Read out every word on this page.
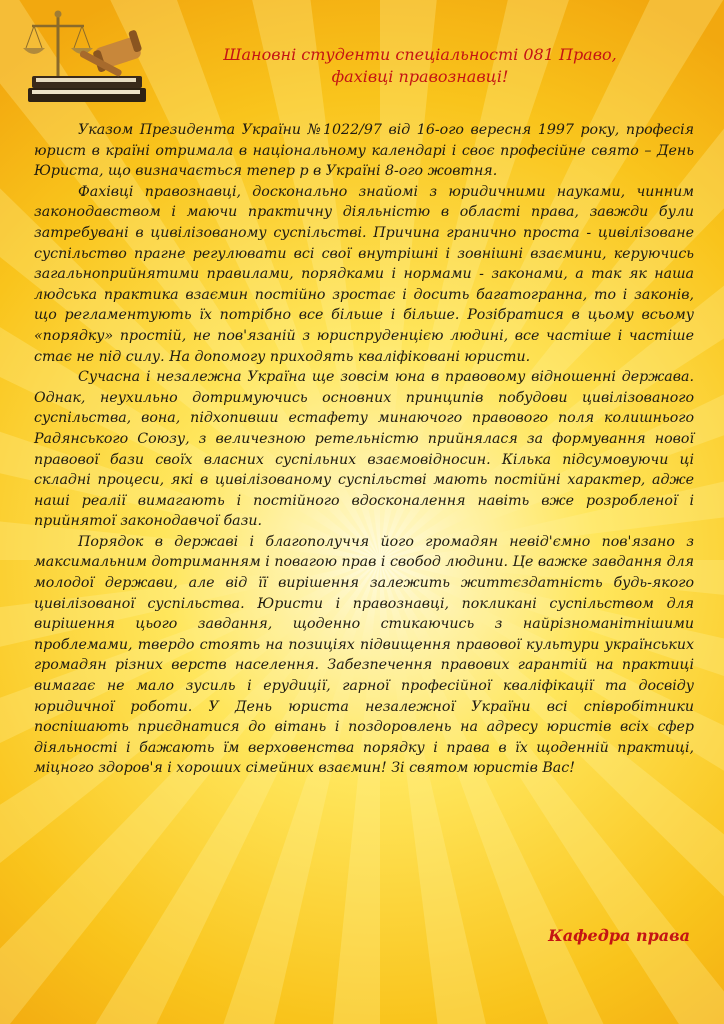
Шановні студенти спеціальності 081 Право,
фахівці правознавці!

Указом Президента України №1022/97 від 16-ого вересня 1997 року, професія юрист в країні отримала в національному календарі і своє професійне свято – День Юриста, що визначається тепер р в Україні 8-ого жовтня.

Фахівці правознавці, досконально знайомі з юридичними науками, чинним законодавством і маючи практичну діяльністю в області права, завжди були затребувані в цивілізованому суспільстві. Причина гранично проста - цивілізоване суспільство прагне регулювати всі свої внутрішні і зовнішні взаємини, керуючись загальноприйнятими правилами, порядками і нормами - законами, а так як наша людська практика взаємин постійно зростає і досить багатогранна, то і законів, що регламентують їх потрібно все більше і більше. Розібратися в цьому всьому «порядку» простій, не пов'язаній з юриспруденцією людині, все частіше і частіше стає не під силу. На допомогу приходять кваліфіковані юристи.

Сучасна і незалежна Україна ще зовсім юна в правовому відношенні держава. Однак, неухильно дотримуючись основних принципів побудови цивілізованого суспільства, вона, підхопивши естафету минаючого правового поля колишнього Радянського Союзу, з величезною ретельністю прийнялася за формування нової правової бази своїх власних суспільних взаємовідносин. Кілька підсумовуючи ці складні процеси, які в цивілізованому суспільстві мають постійні характер, адже наші реалії вимагають і постійного вдосконалення навіть вже розробленої і прийнятої законодавчої бази.

Порядок в державі і благополуччя його громадян невід'ємно пов'язано з максимальним дотриманням і повагою прав і свобод людини. Це важке завдання для молодої держави, але від її вирішення залежить життєздатність будь-якого цивілізованої суспільства. Юристи і правознавці, покликані суспільством для вирішення цього завдання, щоденно стикаючись з найрізноманітнішими проблемами, твердо стоять на позиціях підвищення правової культури українських громадян різних верств населення. Забезпечення правових гарантій на практиці вимагає не мало зусиль і ерудиції, гарної професійної кваліфікації та досвіду юридичної роботи. У День юриста незалежної України всі співробітники поспішають приєднатися до вітань і поздоровлень на адресу юристів всіх сфер діяльності і бажають їм верховенства порядку і права в їх щоденній практиці, міцного здоров'я і хороших сімейних взаємин! Зі святом юристів Вас!

Кафедра права
